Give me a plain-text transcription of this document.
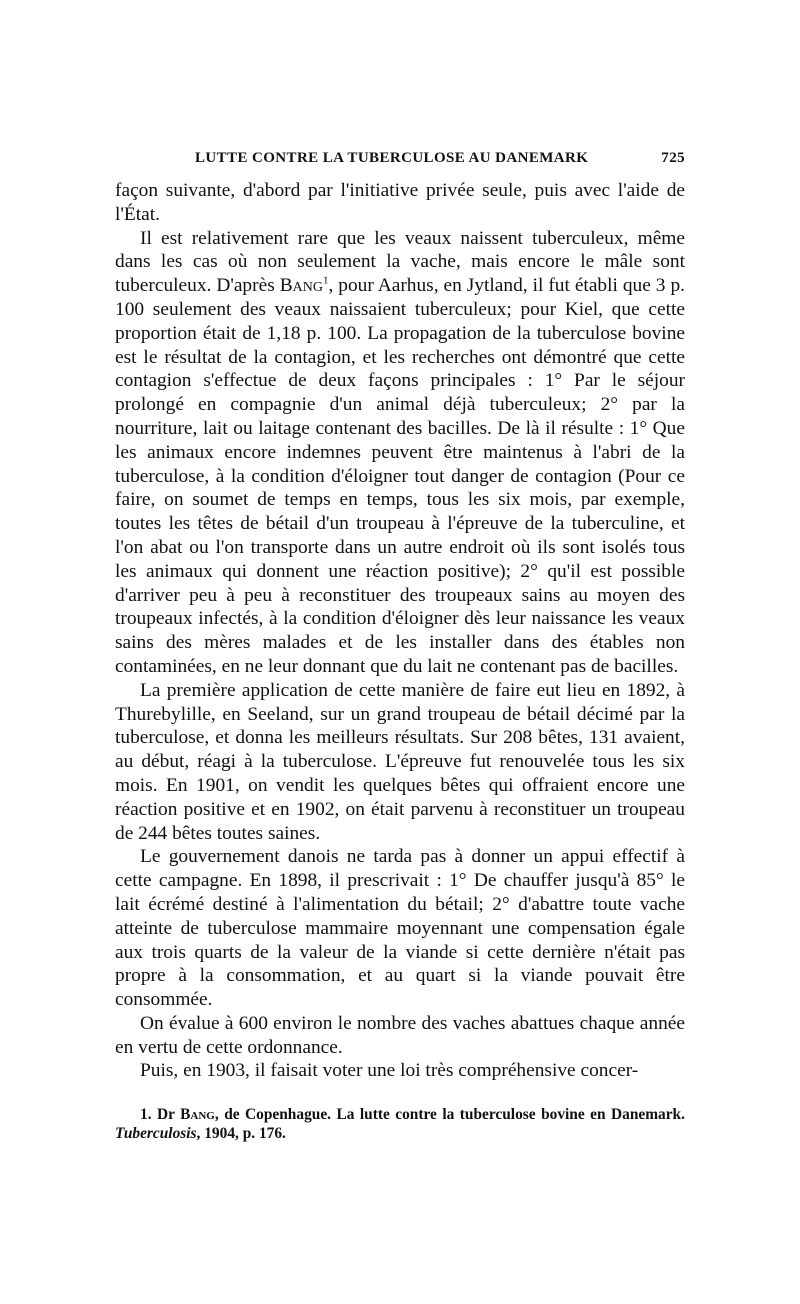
LUTTE CONTRE LA TUBERCULOSE AU DANEMARK	725

façon suivante, d'abord par l'initiative privée seule, puis avec l'aide de l'État.

Il est relativement rare que les veaux naissent tuberculeux, même dans les cas où non seulement la vache, mais encore le mâle sont tuberculeux. D'après Bang$^1$, pour Aarhus, en Jytland, il fut établi que 3 p. 100 seulement des veaux naissaient tuberculeux; pour Kiel, que cette proportion était de 1,18 p. 100. La propagation de la tuberculose bovine est le résultat de la contagion, et les recherches ont démontré que cette contagion s'effectue de deux façons principales : 1° Par le séjour prolongé en compagnie d'un animal déjà tuberculeux; 2° par la nourriture, lait ou laitage contenant des bacilles. De là il résulte : 1° Que les animaux encore indemnes peuvent être maintenus à l'abri de la tuberculose, à la condition d'éloigner tout danger de contagion (Pour ce faire, on soumet de temps en temps, tous les six mois, par exemple, toutes les têtes de bétail d'un troupeau à l'épreuve de la tuberculine, et l'on abat ou l'on transporte dans un autre endroit où ils sont isolés tous les animaux qui donnent une réaction positive); 2° qu'il est possible d'arriver peu à peu à reconstituer des troupeaux sains au moyen des troupeaux infectés, à la condition d'éloigner dès leur naissance les veaux sains des mères malades et de les installer dans des étables non contaminées, en ne leur donnant que du lait ne contenant pas de bacilles.

La première application de cette manière de faire eut lieu en 1892, à Thurebylille, en Seeland, sur un grand troupeau de bétail décimé par la tuberculose, et donna les meilleurs résultats. Sur 208 bêtes, 131 avaient, au début, réagi à la tuberculose. L'épreuve fut renouvelée tous les six mois. En 1901, on vendit les quelques bêtes qui offraient encore une réaction positive et en 1902, on était parvenu à reconstituer un troupeau de 244 bêtes toutes saines.

Le gouvernement danois ne tarda pas à donner un appui effectif à cette campagne. En 1898, il prescrivait : 1° De chauffer jusqu'à 85° le lait écrémé destiné à l'alimentation du bétail; 2° d'abattre toute vache atteinte de tuberculose mammaire moyennant une compensation égale aux trois quarts de la valeur de la viande si cette dernière n'était pas propre à la consommation, et au quart si la viande pouvait être consommée.

On évalue à 600 environ le nombre des vaches abattues chaque année en vertu de cette ordonnance.

Puis, en 1903, il faisait voter une loi très compréhensive concer-

1. Dr Bang, de Copenhague. La lutte contre la tuberculose bovine en Danemark. Tuberculosis, 1904, p. 176.
